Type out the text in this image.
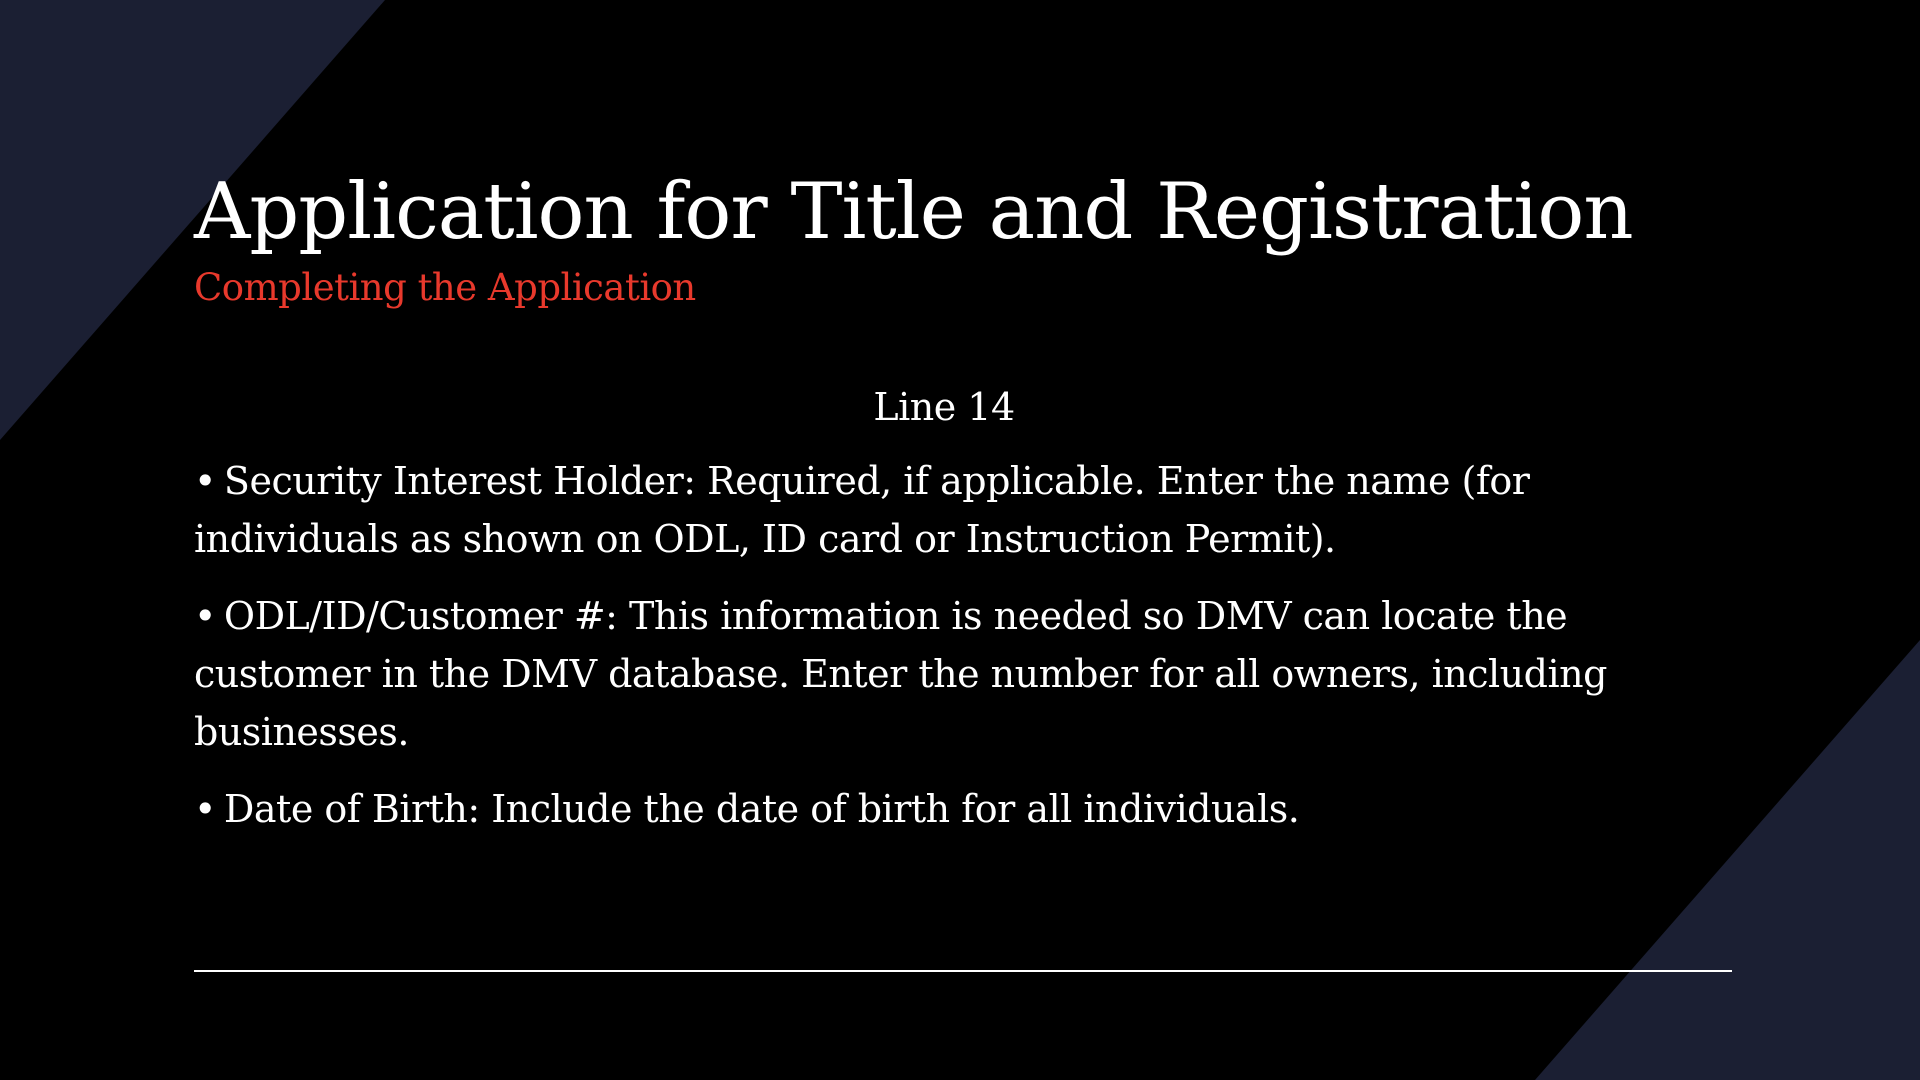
Application for Title and Registration
Completing the Application

Line 14

• Security Interest Holder: Required, if applicable. Enter the name (for individuals as shown on ODL, ID card or Instruction Permit).
• ODL/ID/Customer #: This information is needed so DMV can locate the customer in the DMV database. Enter the number for all owners, including businesses.
• Date of Birth: Include the date of birth for all individuals.
